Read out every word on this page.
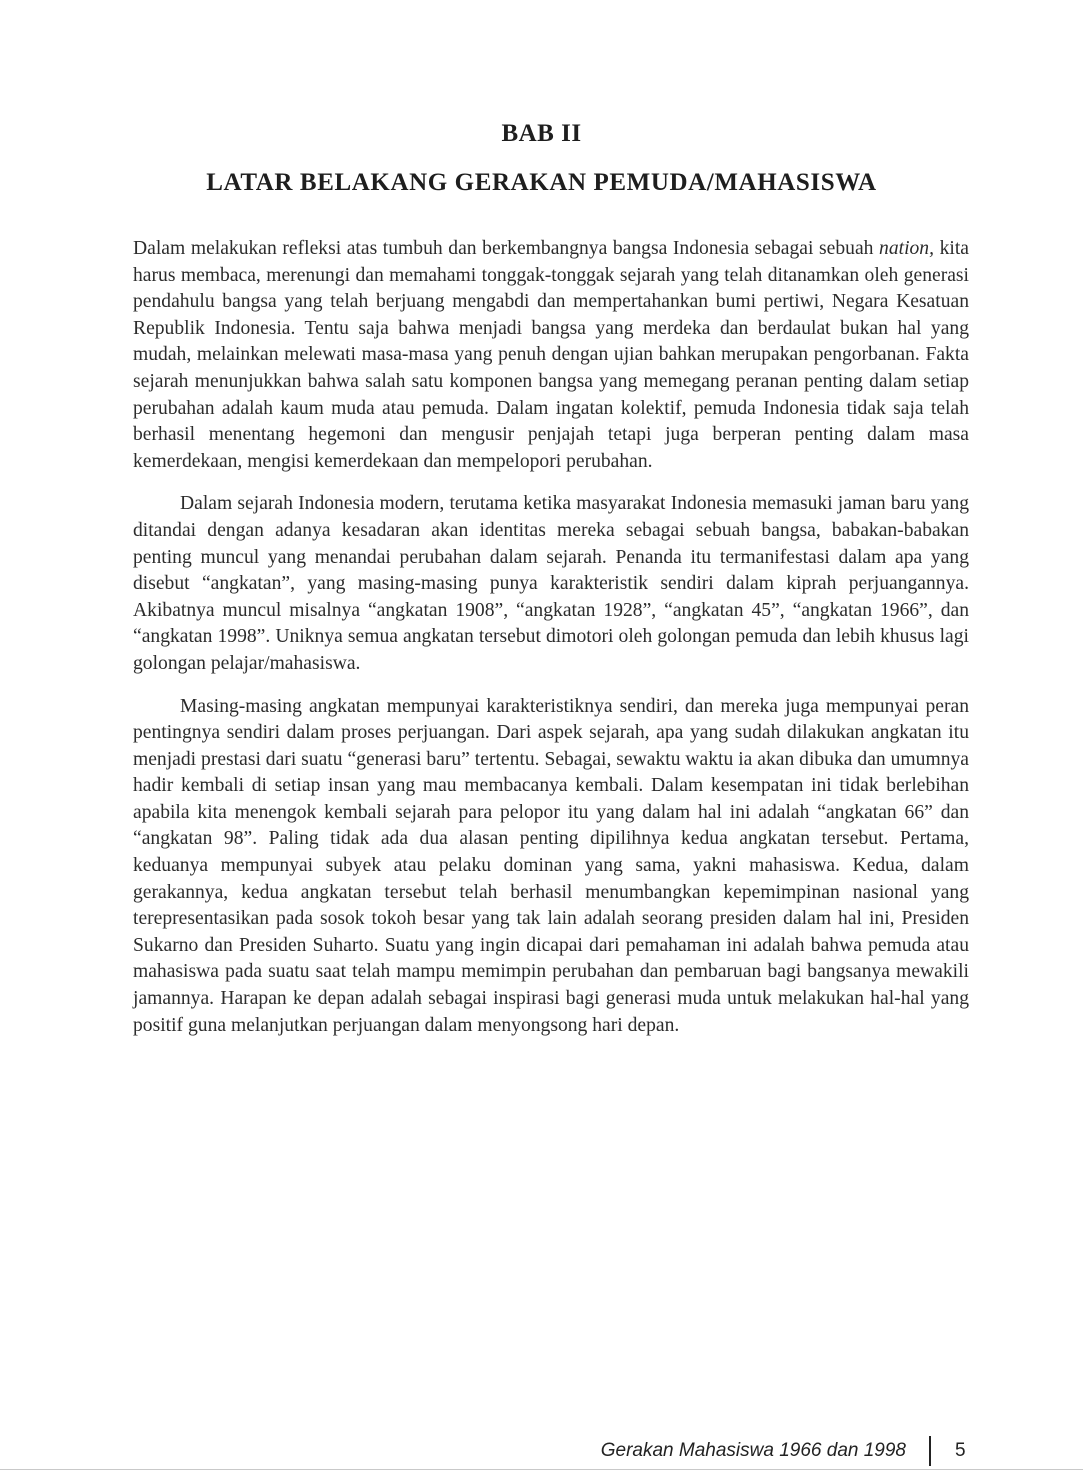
BAB II
LATAR BELAKANG GERAKAN PEMUDA/MAHASISWA

Dalam melakukan refleksi atas tumbuh dan berkembangnya bangsa Indonesia sebagai sebuah nation, kita harus membaca, merenungi dan memahami tonggak-tonggak sejarah yang telah ditanamkan oleh generasi pendahulu bangsa yang telah berjuang mengabdi dan mempertahankan bumi pertiwi, Negara Kesatuan Republik Indonesia. Tentu saja bahwa menjadi bangsa yang merdeka dan berdaulat bukan hal yang mudah, melainkan melewati masa-masa yang penuh dengan ujian bahkan merupakan pengorbanan. Fakta sejarah menunjukkan bahwa salah satu komponen bangsa yang memegang peranan penting dalam setiap perubahan adalah kaum muda atau pemuda. Dalam ingatan kolektif, pemuda Indonesia tidak saja telah berhasil menentang hegemoni dan mengusir penjajah tetapi juga berperan penting dalam masa kemerdekaan, mengisi kemerdekaan dan mempelopori perubahan.

Dalam sejarah Indonesia modern, terutama ketika masyarakat Indonesia memasuki jaman baru yang ditandai dengan adanya kesadaran akan identitas mereka sebagai sebuah bangsa, babakan-babakan penting muncul yang menandai perubahan dalam sejarah. Penanda itu termanifestasi dalam apa yang disebut “angkatan”, yang masing-masing punya karakteristik sendiri dalam kiprah perjuangannya. Akibatnya muncul misalnya “angkatan 1908”, “angkatan 1928”, “angkatan 45”, “angkatan 1966”, dan “angkatan 1998”. Uniknya semua angkatan tersebut dimotori oleh golongan pemuda dan lebih khusus lagi golongan pelajar/mahasiswa.

Masing-masing angkatan mempunyai karakteristiknya sendiri, dan mereka juga mempunyai peran pentingnya sendiri dalam proses perjuangan. Dari aspek sejarah, apa yang sudah dilakukan angkatan itu menjadi prestasi dari suatu “generasi baru” tertentu. Sebagai, sewaktu waktu ia akan dibuka dan umumnya hadir kembali di setiap insan yang mau membacanya kembali. Dalam kesempatan ini tidak berlebihan apabila kita menengok kembali sejarah para pelopor itu yang dalam hal ini adalah “angkatan 66” dan “angkatan 98”. Paling tidak ada dua alasan penting dipilihnya kedua angkatan tersebut. Pertama, keduanya mempunyai subyek atau pelaku dominan yang sama, yakni mahasiswa. Kedua, dalam gerakannya, kedua angkatan tersebut telah berhasil menumbangkan kepemimpinan nasional yang terepresentasikan pada sosok tokoh besar yang tak lain adalah seorang presiden dalam hal ini, Presiden Sukarno dan Presiden Suharto. Suatu yang ingin dicapai dari pemahaman ini adalah bahwa pemuda atau mahasiswa pada suatu saat telah mampu memimpin perubahan dan pembaruan bagi bangsanya mewakili jamannya. Harapan ke depan adalah sebagai inspirasi bagi generasi muda untuk melakukan hal-hal yang positif guna melanjutkan perjuangan dalam menyongsong hari depan.

Gerakan Mahasiswa 1966 dan 1998	5
